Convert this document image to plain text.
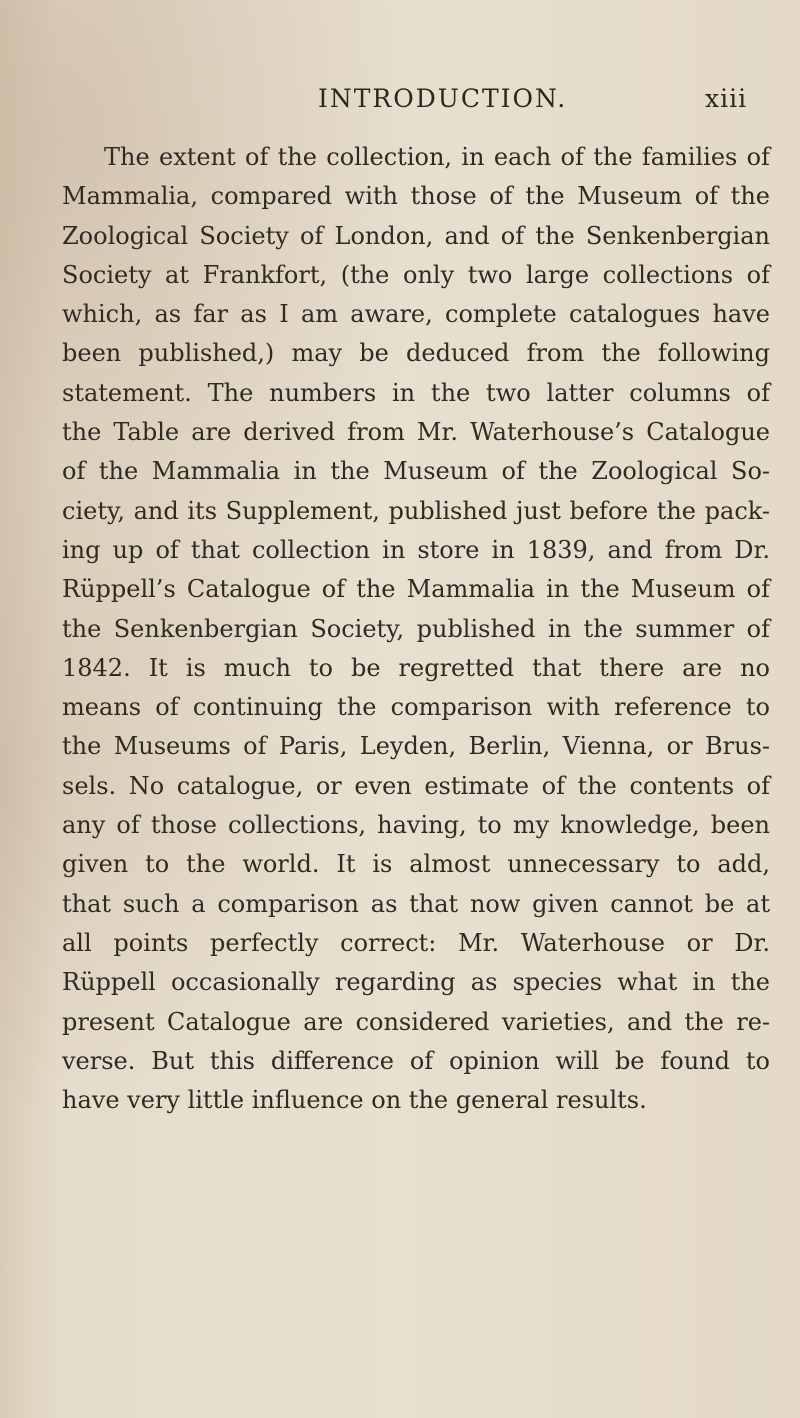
INTRODUCTION.	xiii
The extent of the collection, in each of the families of
Mammalia, compared with those of the Museum of the
Zoological Society of London, and of the Senkenbergian
Society at Frankfort, (the only two large collections of
which, as far as I am aware, complete catalogues have
been published,) may be deduced from the following
statement. The numbers in the two latter columns of
the Table are derived from Mr. Waterhouse’s Catalogue
of the Mammalia in the Museum of the Zoological So-
ciety, and its Supplement, published just before the pack-
ing up of that collection in store in 1839, and from Dr.
Rüppell’s Catalogue of the Mammalia in the Museum of
the Senkenbergian Society, published in the summer of
1842. It is much to be regretted that there are no
means of continuing the comparison with reference to
the Museums of Paris, Leyden, Berlin, Vienna, or Brus-
sels. No catalogue, or even estimate of the contents of
any of those collections, having, to my knowledge, been
given to the world. It is almost unnecessary to add,
that such a comparison as that now given cannot be at
all points perfectly correct: Mr. Waterhouse or Dr.
Rüppell occasionally regarding as species what in the
present Catalogue are considered varieties, and the re-
verse. But this difference of opinion will be found to
have very little influence on the general results.
